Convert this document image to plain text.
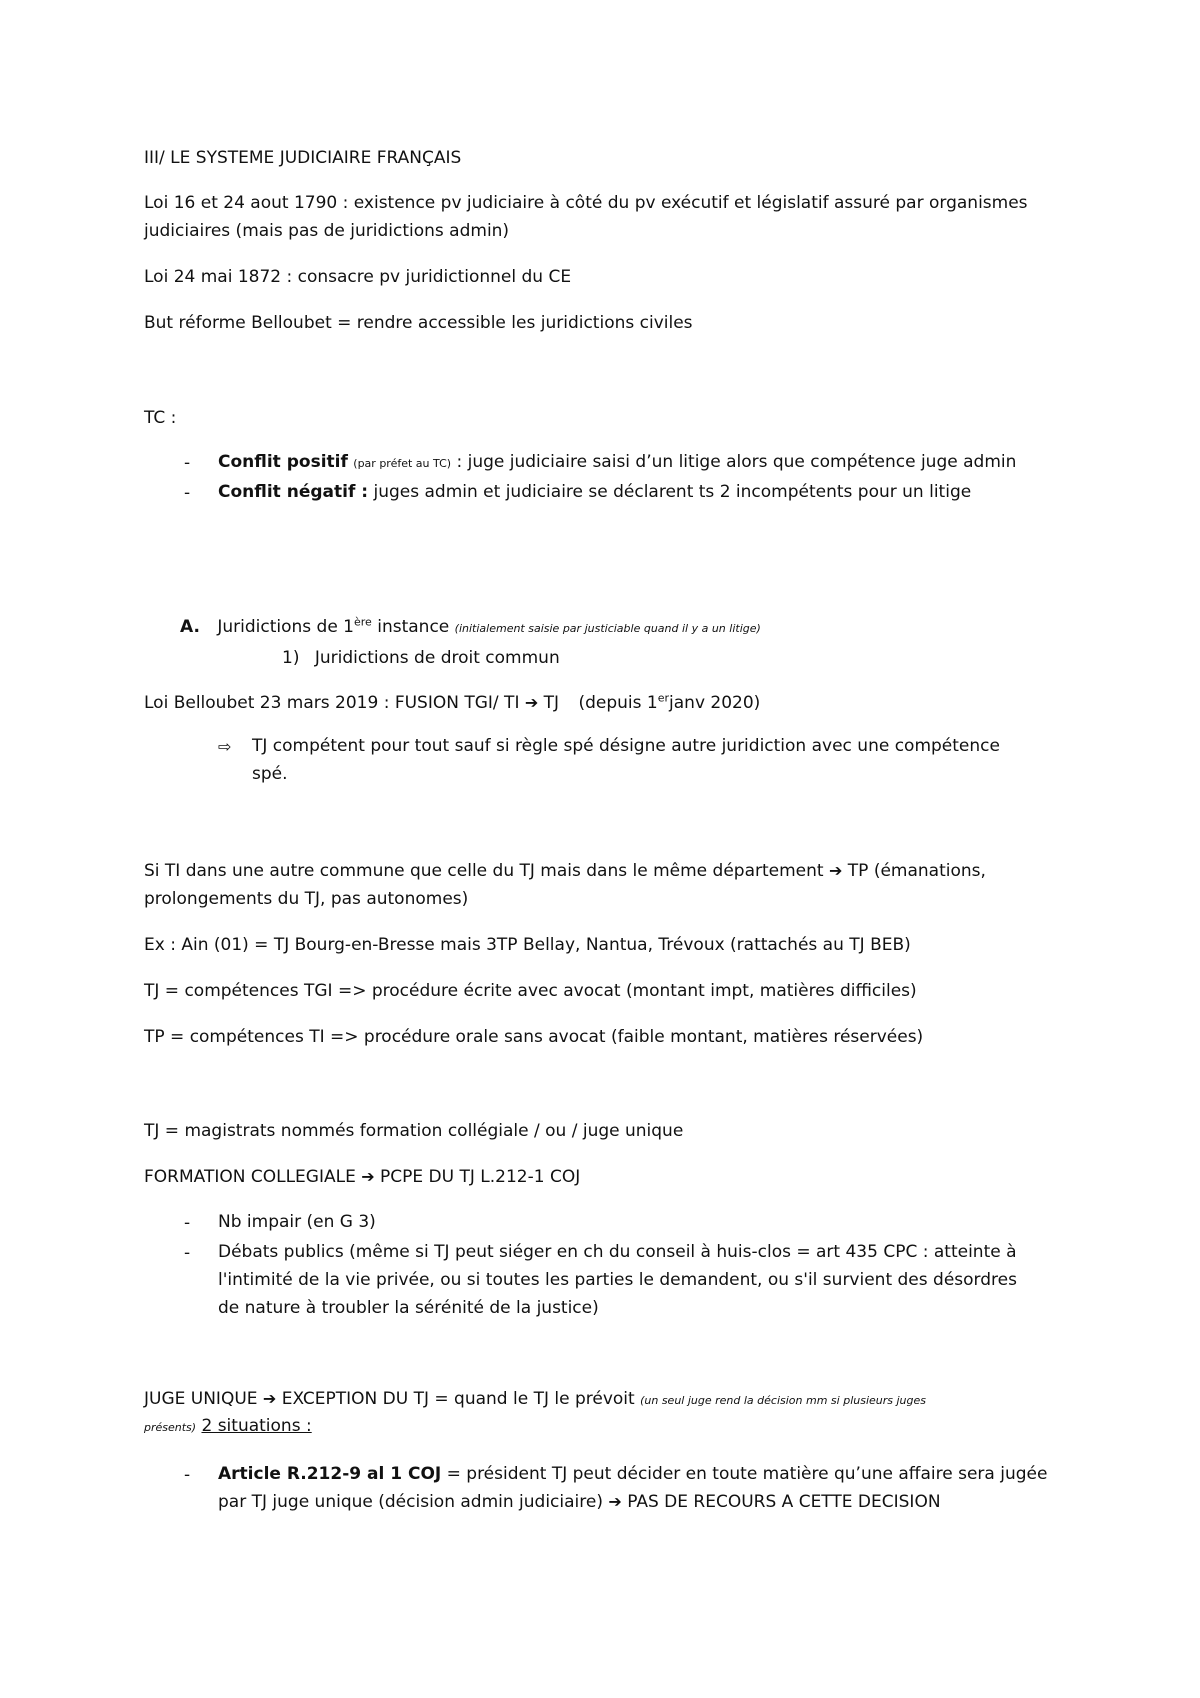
III/ LE SYSTEME JUDICIAIRE FRANÇAIS
Loi 16 et 24 aout 1790 : existence pv judiciaire à côté du pv exécutif et législatif assuré par organismes
judiciaires (mais pas de juridictions admin)
Loi 24 mai 1872 : consacre pv juridictionnel du CE
But réforme Belloubet = rendre accessible les juridictions civiles
TC :
-	Conflit positif (par préfet au TC) : juge judiciaire saisi d’un litige alors que compétence juge admin
-	Conflit négatif : juges admin et judiciaire se déclarent ts 2 incompétents pour un litige
A. Juridictions de 1ère instance (initialement saisie par justiciable quand il y a un litige)
1) Juridictions de droit commun
Loi Belloubet 23 mars 2019 : FUSION TGI/ TI ➔ TJ (depuis 1erjanv 2020)
⇨ TJ compétent pour tout sauf si règle spé désigne autre juridiction avec une compétence
spé.
Si TI dans une autre commune que celle du TJ mais dans le même département ➔ TP (émanations,
prolongements du TJ, pas autonomes)
Ex : Ain (01) = TJ Bourg-en-Bresse mais 3TP Bellay, Nantua, Trévoux (rattachés au TJ BEB)
TJ = compétences TGI => procédure écrite avec avocat (montant impt, matières difficiles)
TP = compétences TI => procédure orale sans avocat (faible montant, matières réservées)
TJ = magistrats nommés formation collégiale / ou / juge unique
FORMATION COLLEGIALE ➔ PCPE DU TJ L.212-1 COJ
-	Nb impair (en G 3)
-	Débats publics (même si TJ peut siéger en ch du conseil à huis-clos = art 435 CPC : atteinte à
l'intimité de la vie privée, ou si toutes les parties le demandent, ou s'il survient des désordres
de nature à troubler la sérénité de la justice)
JUGE UNIQUE ➔ EXCEPTION DU TJ = quand le TJ le prévoit (un seul juge rend la décision mm si plusieurs juges
présents) 2 situations :
-	Article R.212-9 al 1 COJ = président TJ peut décider en toute matière qu’une affaire sera jugée
par TJ juge unique (décision admin judiciaire) ➔ PAS DE RECOURS A CETTE DECISION
